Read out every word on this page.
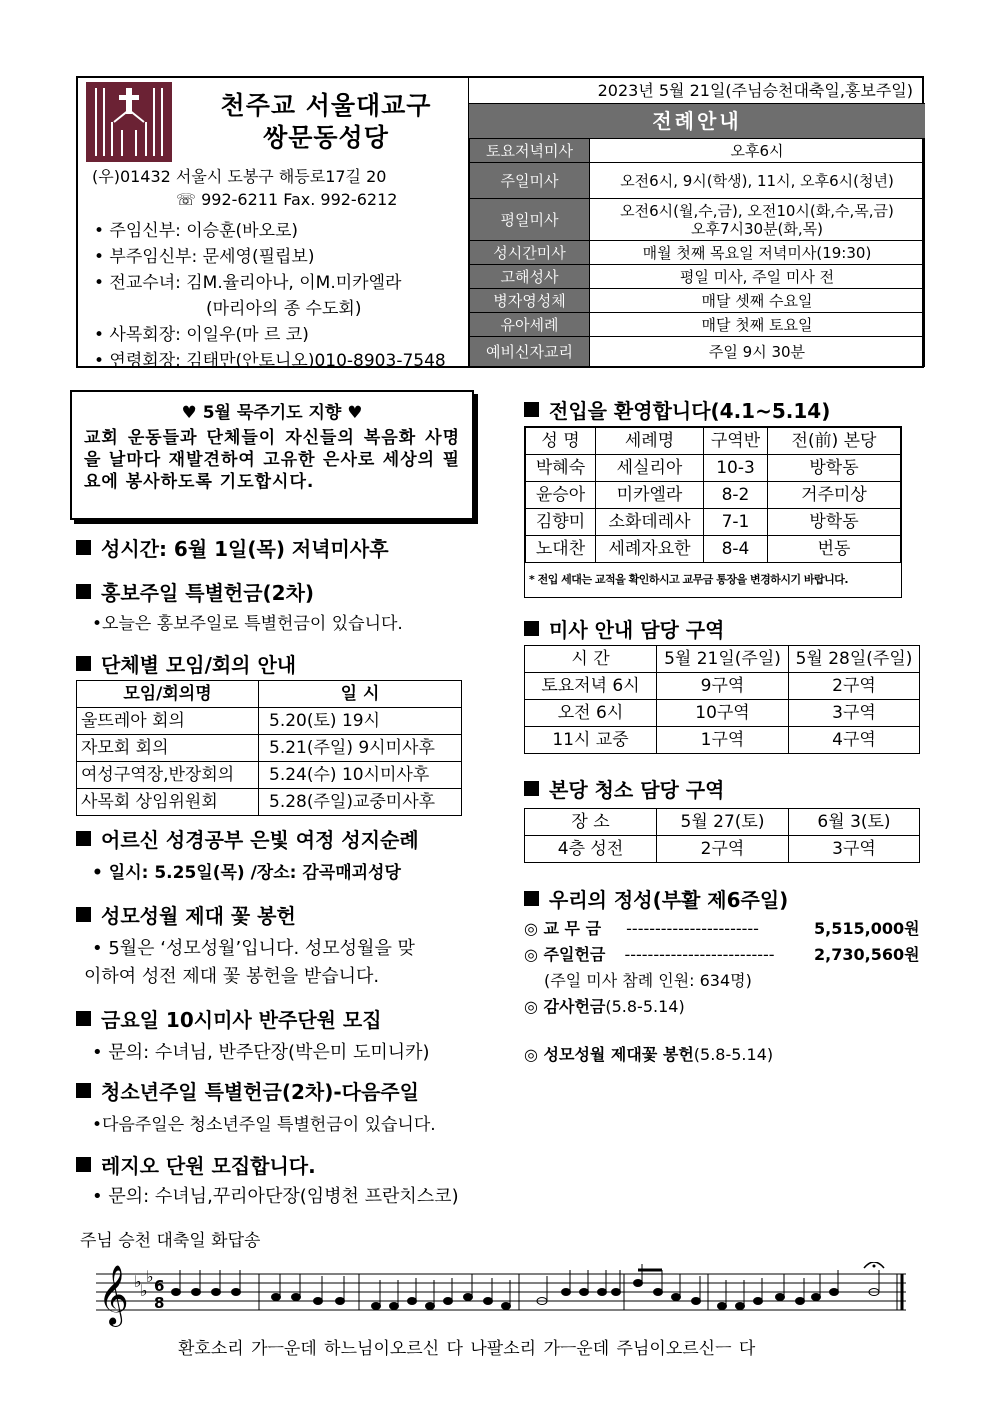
천주교 서울대교구
쌍문동성당
(우)01432 서울시 도봉구 해등로17길 20
☏ 992-6211 Fax. 992-6212
• 주임신부: 이승훈(바오로)
• 부주임신부: 문세영(필립보)
• 전교수녀: 김M.율리아나, 이M.미카엘라
(마리아의 종 수도회)
• 사목회장: 이일우(마 르 코)
• 연령회장: 김태만(안토니오)010-8903-7548
2023년 5월 21일(주님승천대축일,홍보주일)
전례안내
토요저녁미사	오후6시
주일미사	오전6시, 9시(학생), 11시, 오후6시(청년)
평일미사	오전6시(월,수,금), 오전10시(화,수,목,금)
오후7시30분(화,목)

성시간미사	매월 첫째 목요일 저녁미사(19:30)
고해성사	평일 미사, 주일 미사 전
병자영성체	매달 셋째 수요일
유아세례	매달 첫째 토요일
예비신자교리	주일 9시 30분
♥ 5월 묵주기도 지향 ♥
교회 운동들과 단체들이 자신들의 복음화 사명을 날마다 재발견하여 고유한 은사로 세상의 필요에 봉사하도록 기도합시다.
성시간: 6월 1일(목) 저녁미사후
홍보주일 특별헌금(2차)
•오늘은 홍보주일로 특별헌금이 있습니다.
단체별 모임/회의 안내
모임/회의명	일 시
울뜨레아 회의	5.20(토) 19시
자모회 회의	5.21(주일) 9시미사후
여성구역장,반장회의	5.24(수) 10시미사후
사목회 상임위원회	5.28(주일)교중미사후
어르신 성경공부 은빛 여정 성지순례
• 일시: 5.25일(목) /장소: 감곡매괴성당
성모성월 제대 꽃 봉헌
• 5월은 ‘성모성월’입니다. 성모성월을 맞
이하여 성전 제대 꽃 봉헌을 받습니다.
금요일 10시미사 반주단원 모집
• 문의: 수녀님, 반주단장(박은미 도미니카)
청소년주일 특별헌금(2차)-다음주일
•다음주일은 청소년주일 특별헌금이 있습니다.
레지오 단원 모집합니다.
• 문의: 수녀님,꾸리아단장(임병천 프란치스코)
전입을 환영합니다(4.1~5.14)
성 명	세례명	구역반	전(前) 본당
박혜숙	세실리아	10-3	방학동
윤승아	미카엘라	8-2	거주미상
김향미	소화데레사	7-1	방학동
노대찬	세례자요한	8-4	번동
* 전입 세대는 교적을 확인하시고 교무금 통장을 변경하시기 바랍니다.
미사 안내 담당 구역
시 간	5월 21일(주일)	5월 28일(주일)
토요저녁 6시	9구역	2구역
오전 6시	10구역	3구역
11시 교중	1구역	4구역
본당 청소 담당 구역
장 소	5월 27(토)	6월 3(토)
4층 성전	2구역	3구역
우리의 정성(부활 제6주일)
◎ 교 무 금 -----------------------	5,515,000원
◎ 주일헌금 -------------------------- 2,730,560원
(주일 미사 참례 인원: 634명)
◎ 감사헌금(5.8-5.14)
◎ 성모성월 제대꽃 봉헌(5.8-5.14)
주님 승천 대축일 화답송
𝄞 ♭
♭
♭ 6
8
환호소리 가ㅡ운데 하느님이오르신 다 나팔소리 가ㅡ운데 주님이오르신ㅡ 다
